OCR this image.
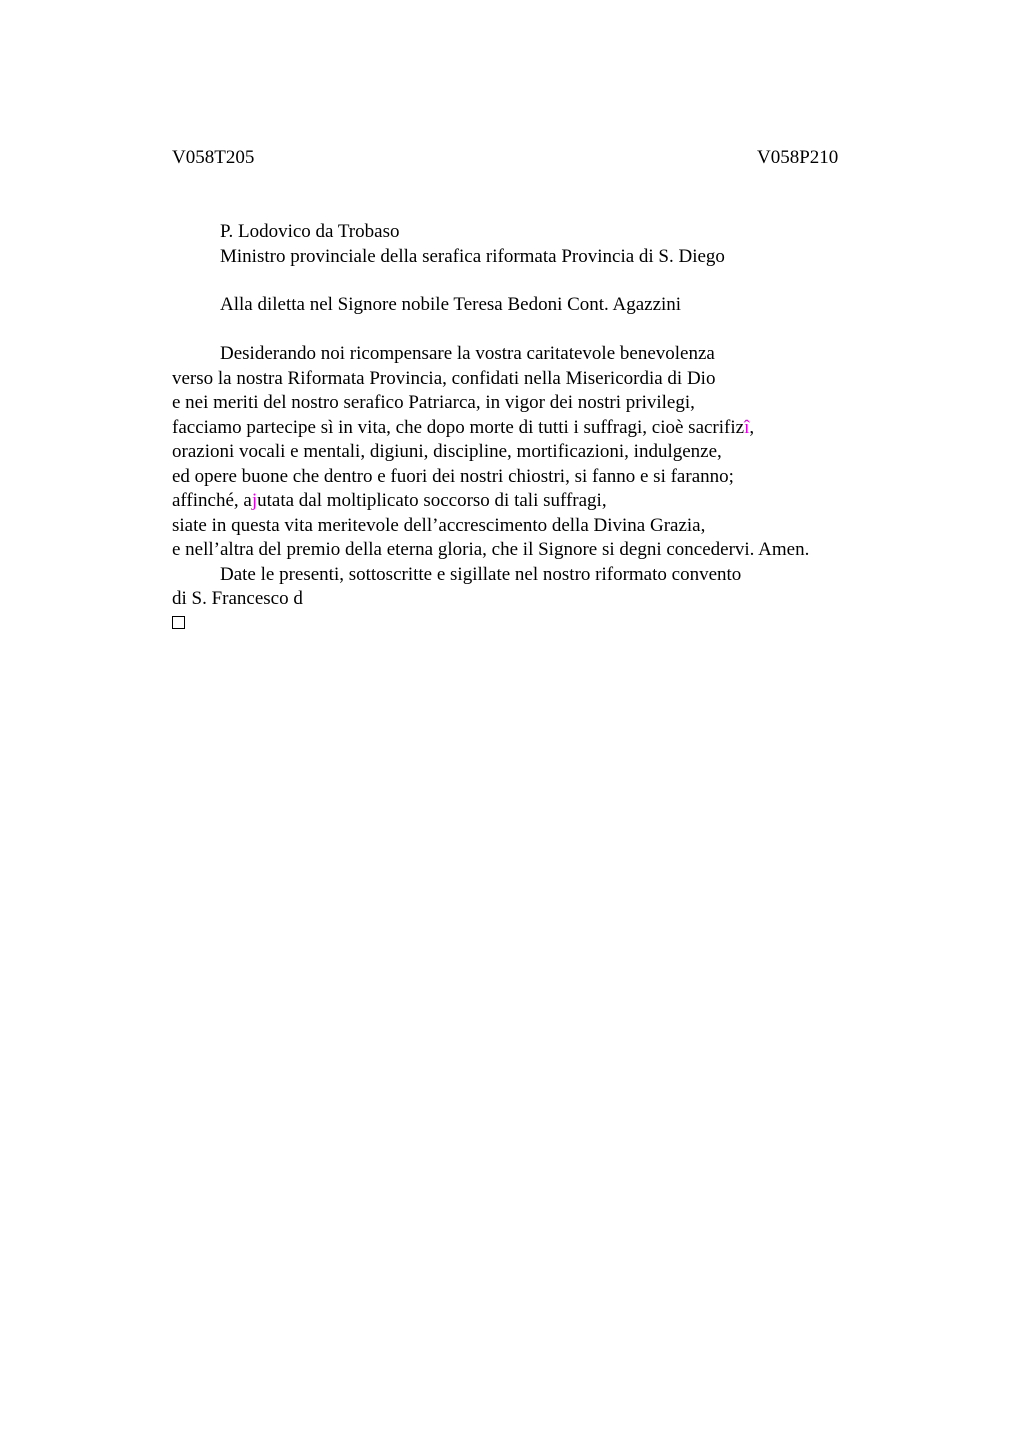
V058T205	V058P210
P. Lodovico da Trobaso
Ministro provinciale della serafica riformata Provincia di S. Diego
Alla diletta nel Signore nobile Teresa Bedoni Cont. Agazzini
Desiderando noi ricompensare la vostra caritatevole benevolenza
verso la nostra Riformata Provincia, confidati nella Misericordia di Dio
e nei meriti del nostro serafico Patriarca, in vigor dei nostri privilegi,
facciamo partecipe sì in vita, che dopo morte di tutti i suffragi, cioè sacrifizî,
orazioni vocali e mentali, digiuni, discipline, mortificazioni, indulgenze,
ed opere buone che dentro e fuori dei nostri chiostri, si fanno e si faranno;
affinché, ajutata dal moltiplicato soccorso di tali suffragi,
siate in questa vita meritevole dell’accrescimento della Divina Grazia,
e nell’altra del premio della eterna gloria, che il Signore si degni concedervi. Amen.
Date le presenti, sottoscritte e sigillate nel nostro riformato convento
di S. Francesco d
